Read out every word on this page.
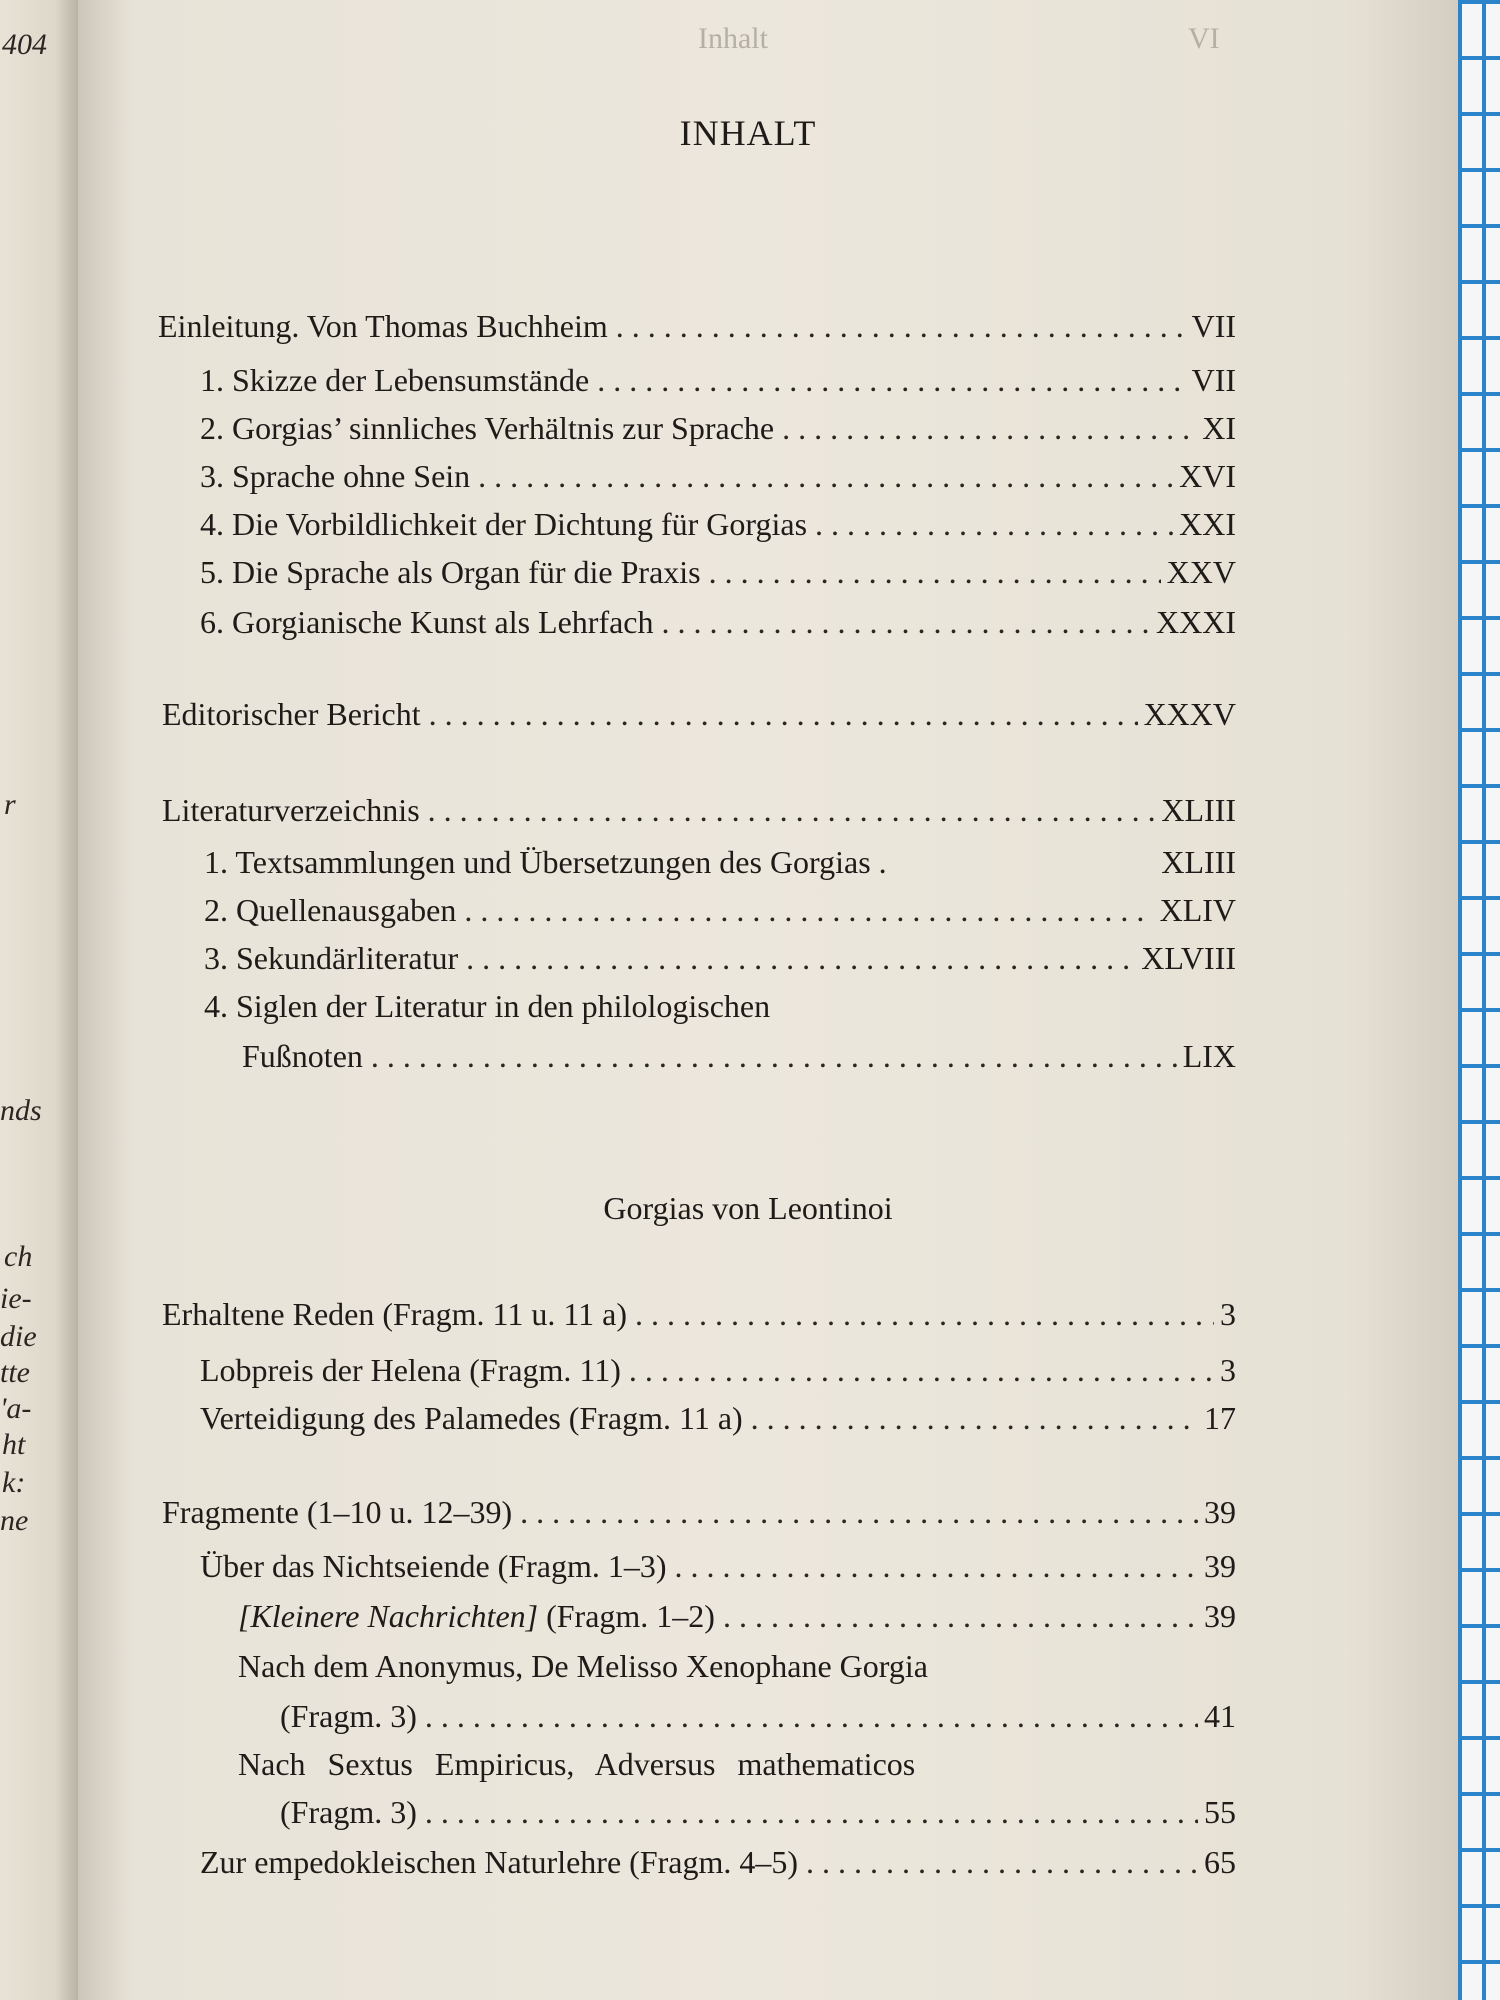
404
r
nds
ch
ie-
die
tte
'a-
ht
k:
ne
Inhalt	VI
INHALT
Einleitung. Von Thomas Buchheim . . .	VII
1. Skizze der Lebensumstände . . .	VII
2. Gorgias’ sinnliches Verhältnis zur Sprache . . .	XI
3. Sprache ohne Sein . . .	XVI
4. Die Vorbildlichkeit der Dichtung für Gorgias . . .	XXI
5. Die Sprache als Organ für die Praxis . . .	XXV
6. Gorgianische Kunst als Lehrfach . . .	XXXI
Editorischer Bericht . . .	XXXV
Literaturverzeichnis . . .	XLIII
1. Textsammlungen und Übersetzungen des Gorgias .	XLIII
2. Quellenausgaben . . .	XLIV
3. Sekundärliteratur . . .	XLVIII
4. Siglen der Literatur in den philologischen
Fußnoten . . .	LIX
Gorgias von Leontinoi
Erhaltene Reden (Fragm. 11 u. 11 a) . . .	3
Lobpreis der Helena (Fragm. 11) . . .	3
Verteidigung des Palamedes (Fragm. 11 a) . . .	17
Fragmente (1–10 u. 12–39) . . .	39
Über das Nichtseiende (Fragm. 1–3) . . .	39
[Kleinere Nachrichten] (Fragm. 1–2) . . .	39
Nach dem Anonymus, De Melisso Xenophane Gorgia
(Fragm. 3) . . .	41
Nach Sextus Empiricus, Adversus mathematicos
(Fragm. 3) . . .	55
Zur empedokleischen Naturlehre (Fragm. 4–5) . . .	65
